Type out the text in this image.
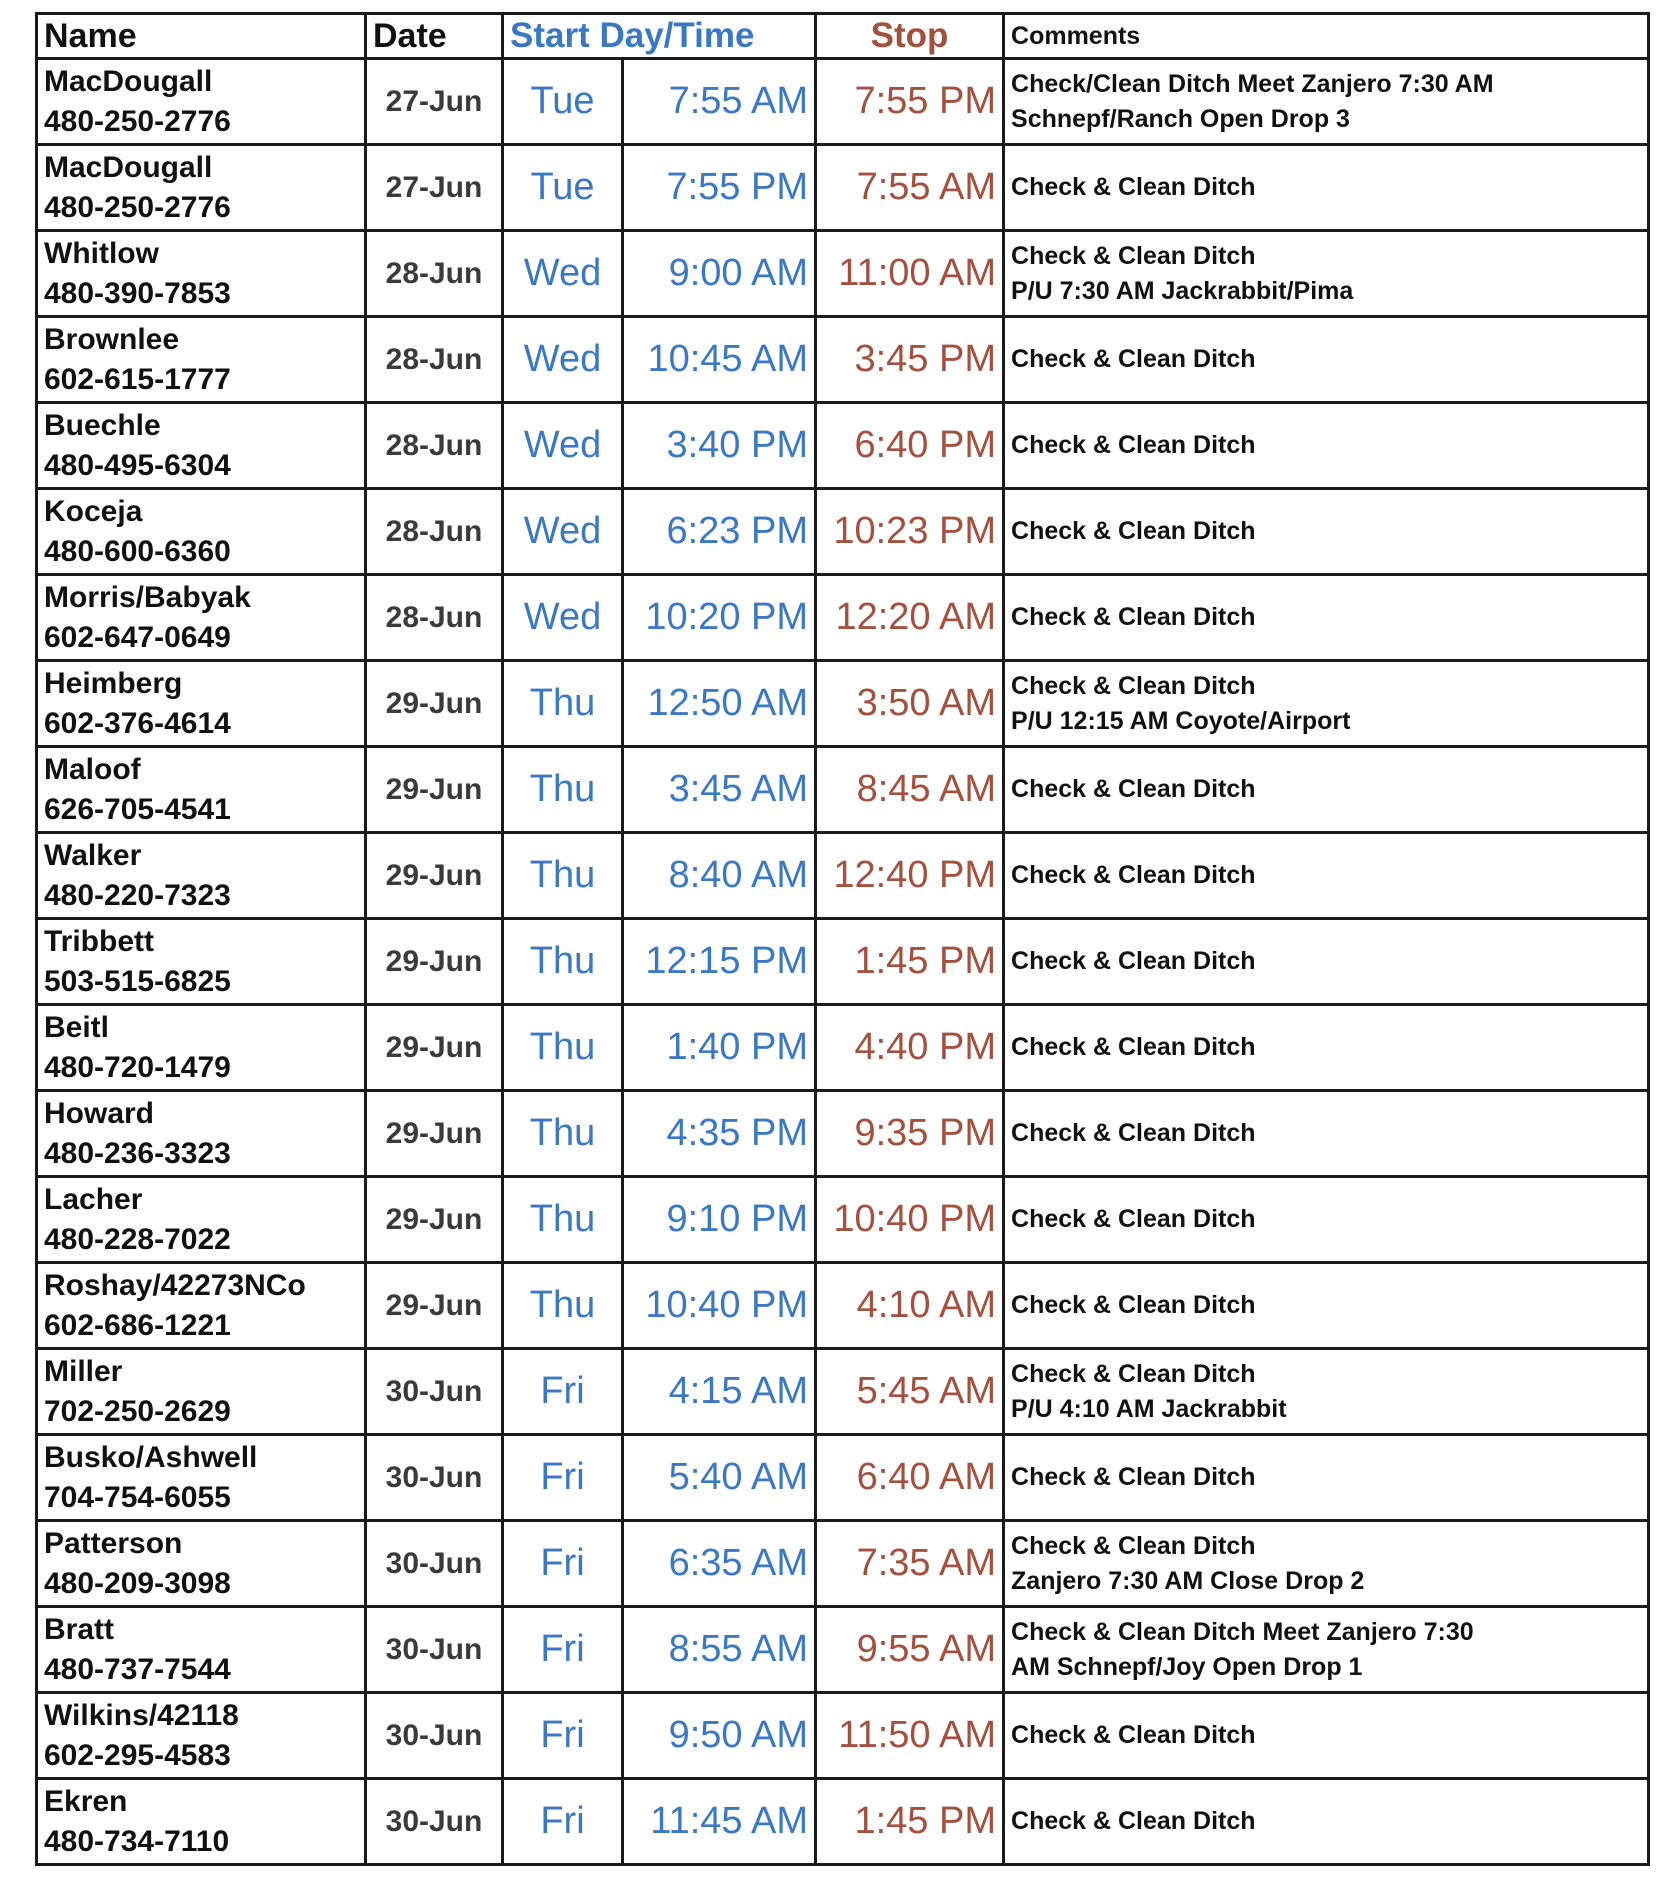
Name	Date	Start Day/Time		Stop	Comments

MacDougall
480-250-2776	27-Jun	Tue	7:55 AM	7:55 PM	Check/Clean Ditch Meet Zanjero 7:30 AM
Schnepf/Ranch Open Drop 3

MacDougall
480-250-2776	27-Jun	Tue	7:55 PM	7:55 AM	Check & Clean Ditch

Whitlow
480-390-7853	28-Jun	Wed	9:00 AM	11:00 AM	Check & Clean Ditch
P/U 7:30 AM Jackrabbit/Pima

Brownlee
602-615-1777	28-Jun	Wed	10:45 AM	3:45 PM	Check & Clean Ditch

Buechle
480-495-6304	28-Jun	Wed	3:40 PM	6:40 PM	Check & Clean Ditch

Koceja
480-600-6360	28-Jun	Wed	6:23 PM	10:23 PM	Check & Clean Ditch

Morris/Babyak
602-647-0649	28-Jun	Wed	10:20 PM	12:20 AM	Check & Clean Ditch

Heimberg
602-376-4614	29-Jun	Thu	12:50 AM	3:50 AM	Check & Clean Ditch
P/U 12:15 AM Coyote/Airport

Maloof
626-705-4541	29-Jun	Thu	3:45 AM	8:45 AM	Check & Clean Ditch

Walker
480-220-7323	29-Jun	Thu	8:40 AM	12:40 PM	Check & Clean Ditch

Tribbett
503-515-6825	29-Jun	Thu	12:15 PM	1:45 PM	Check & Clean Ditch

Beitl
480-720-1479	29-Jun	Thu	1:40 PM	4:40 PM	Check & Clean Ditch

Howard
480-236-3323	29-Jun	Thu	4:35 PM	9:35 PM	Check & Clean Ditch

Lacher
480-228-7022	29-Jun	Thu	9:10 PM	10:40 PM	Check & Clean Ditch

Roshay/42273NCo
602-686-1221	29-Jun	Thu	10:40 PM	4:10 AM	Check & Clean Ditch

Miller
702-250-2629	30-Jun	Fri	4:15 AM	5:45 AM	Check & Clean Ditch
P/U 4:10 AM Jackrabbit

Busko/Ashwell
704-754-6055	30-Jun	Fri	5:40 AM	6:40 AM	Check & Clean Ditch

Patterson
480-209-3098	30-Jun	Fri	6:35 AM	7:35 AM	Check & Clean Ditch
Zanjero 7:30 AM Close Drop 2

Bratt
480-737-7544	30-Jun	Fri	8:55 AM	9:55 AM	Check & Clean Ditch Meet Zanjero 7:30
AM Schnepf/Joy Open Drop 1

Wilkins/42118
602-295-4583	30-Jun	Fri	9:50 AM	11:50 AM	Check & Clean Ditch

Ekren
480-734-7110	30-Jun	Fri	11:45 AM	1:45 PM	Check & Clean Ditch
